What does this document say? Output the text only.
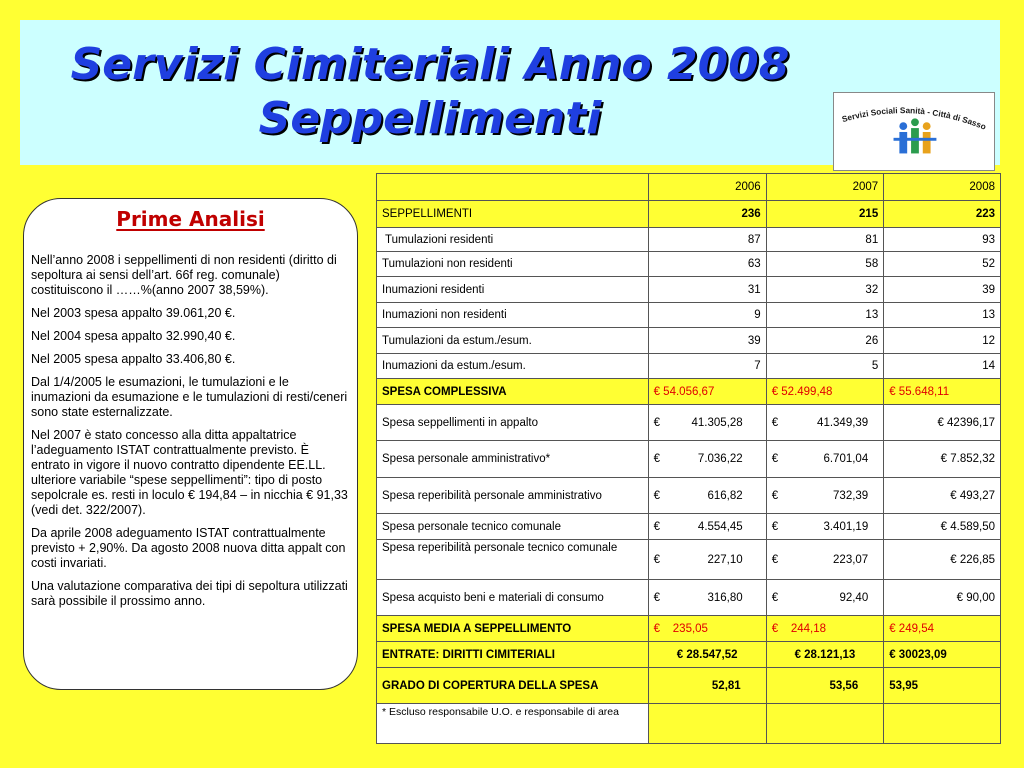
Servizi Cimiteriali Anno 2008
Seppellimenti	Servizi Sociali Sanità - Città di Sasso
Prime Analisi

Nell’anno 2008 i seppellimenti di non residenti (diritto di sepoltura ai sensi dell’art. 66f reg. comunale) costituiscono il ……%(anno 2007 38,59%).

Nel 2003 spesa appalto 39.061,20 €.

Nel 2004 spesa appalto 32.990,40 €.

Nel 2005 spesa appalto 33.406,80 €.

Dal 1/4/2005 le esumazioni, le tumulazioni e le inumazioni da esumazione e le tumulazioni di resti/ceneri sono state esternalizzate.

Nel 2007 è stato concesso alla ditta appaltatrice l’adeguamento ISTAT contrattualmente previsto. È entrato in vigore il nuovo contratto dipendente EE.LL. ulteriore variabile “spese seppellimenti”: tipo di posto sepolcrale es. resti in loculo € 194,84 – in nicchia € 91,33 (vedi det. 322/2007).

Da aprile 2008 adeguamento ISTAT contrattualmente previsto + 2,90%. Da agosto 2008 nuova ditta appalt con costi invariati.

Una valutazione comparativa dei tipi di sepoltura utilizzati sarà possibile il prossimo anno.

	2006	2007	2008
SEPPELLIMENTI	236	215	223
Tumulazioni residenti	87	81	93
Tumulazioni non residenti	63	58	52
Inumazioni residenti	31	32	39
Inumazioni non residenti	9	13	13
Tumulazioni da estum./esum.	39	26	12
Inumazioni da estum./esum.	7	5	14
SPESA COMPLESSIVA	€ 54.056,67	€ 52.499,48	€ 55.648,11
Spesa seppellimenti in appalto	€ 41.305,28	€ 41.349,39	€ 42396,17
Spesa personale amministrativo*	€ 7.036,22	€ 6.701,04	€ 7.852,32
Spesa reperibilità personale amministrativo	€ 616,82	€ 732,39	€ 493,27
Spesa personale tecnico comunale	€ 4.554,45	€ 3.401,19	€ 4.589,50
Spesa reperibilità personale tecnico comunale	€ 227,10	€ 223,07	€ 226,85
Spesa acquisto beni e materiali di consumo	€ 316,80	€ 92,40	€ 90,00
SPESA MEDIA A SEPPELLIMENTO	€ 235,05	€ 244,18	€ 249,54
ENTRATE: DIRITTI CIMITERIALI	€ 28.547,52	€ 28.121,13	€ 30023,09
GRADO DI COPERTURA DELLA SPESA	52,81	53,56	53,95
* Escluso responsabile U.O. e responsabile di area			
